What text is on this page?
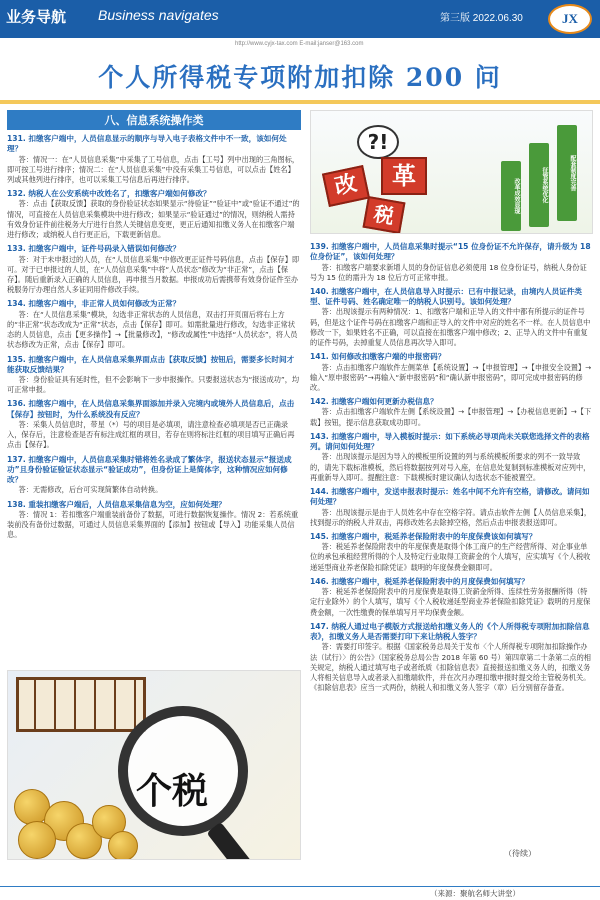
业务导航 Business navigates	第三版 2022.06.30	JX
http://www.cyjx-tax.com E-mail:janser@163.com
个人所得税专项附加扣除 200 问
八、信息系统操作类
131. 扣缴客户端中，人员信息显示的顺序与导入电子表格文件中不一致，该如何处理？
答：情况一：在“人员信息采集”中采集了工号信息，点击【工号】列中出现的三角图标，即可按工号进行排序；情况二：在“人员信息采集”中没有采集工号信息，可以点击【姓名】列或其他列进行排序，也可以采集工号信息后再进行排序。
132. 纳税人在公安系统中改姓名了，扣缴客户端如何修改？
答：点击【获取反馈】获取的身份验证状态如果显示“待验证”“验证中”或“验证不通过”的情况，可直接在人员信息采集模块中进行修改；如果显示“验证通过”的情况，则纳税人需持有效身份证件前往税务大厅进行自然人关键信息变更，更正后通知扣缴义务人在扣缴客户端进行修改；或纳税人自行更正后，下载更新信息。
133. 扣缴客户端中，证件号码录入错误如何修改？
答：对于未申报过的人员，在“人员信息采集”中修改更正证件号码信息，点击【保存】即可。对于已申报过的人员，在“人员信息采集”中将“人员状态”修改为“非正常”，点击【保存】。随后重新录入正确的人员信息，再申报当月数据。申报成功后需携带有效身份证件至办税服务厅办理自然人多证同用件修改手续。
134. 扣缴客户端中，非正常人员如何修改为正常？
答：在“人员信息采集”模块，勾选非正常状态的人员信息，双击打开页面后将右上方的“非正常”状态改成为“正常”状态，点击【保存】即可。如需批量进行修改，勾选非正常状态的人员信息，点击【更多操作】→【批量修改】，“修改或属性”中选择“人员状态”，将人员状态修改为正常，点击【保存】即可。
135. 扣缴客户端中，在人员信息采集界面点击【获取反馈】按钮后，需要多长时间才能获取反馈结果？
答：身份验证具有延时性，但不会影响下一步申报操作。只要报送状态为“报送成功”，均可正常申报。
136. 扣缴客户端中，在人员信息采集界面添加并录入完境内或境外人员信息后，点击【保存】按钮时，为什么系统没有反应？
答：采集人员信息时，带星（*）号的项目是必填项，请注意检查必填项是否已正确录入，保存后，注意检查是否有标注成红框的项目，若存在则将标注红框的项目填写正确后再点击【保存】。
137. 扣缴客户端中，人员信息采集时错将姓名录成了繁体字，报送状态显示“报送成功”且身份验证验证状态显示“验证成功”，但身份证上是简体字，这种情况应如何修改？
答：无需修改，后台可实现简繁体自动转换。
138. 重装扣缴客户端后，人员信息采集信息为空，应如何处理？
答：情况 1：若扣缴客户端重装前备份了数据，可进行数据恢复操作。情况 2：若系统重装前没有备份过数据，可通过人员信息采集界面的【添加】按钮或【导入】功能采集人员信息。
?!
改	革
税
改革成效显现	征管系统优化	配套制度完善
139. 扣缴客户端中，人员信息采集时提示“15 位身份证不允许保存，请升级为 18 位身份证”，该如何处理？
答：扣缴客户端要求新增人员的身份证信息必须使用 18 位身份证号，纳税人身份证号为 15 位的需升为 18 位后方可正常申报。
140. 扣缴客户端中，在人员信息导入时提示：已有中报记录，由境内人员证件类型、证件号码、姓名确定唯一的纳税人识别号。该如何处理？
答：出现该提示有两种情况：1、扣缴客户端和正导入的文件中都有所提示的证件号码，但是这个证件号码在扣缴客户端和正导入的文件中对应的姓名不一样。在人员信息中修改一下，如果姓名不正确，可以直接在扣缴客户端中修改；2、正导入的文件中有重复的证件号码，去掉重复人员信息再次导入即可。
141. 如何修改扣缴客户端的申报密码？
答：点击扣缴客户端软件左侧菜单【系统设置】→【申报管理】→【申报安全设置】→输入“原申报密码”→再输入“新申报密码”和“确认新申报密码”，即可完成申报密码的修改。
142. 扣缴客户端如何更新办税信息？
答：点击扣缴客户端软件左侧【系统设置】→【申报管理】→【办税信息更新】→【下载】按钮，提示信息获取成功即可。
143. 扣缴客户端中，导入模板时提示：如下系统必导项尚未关联您选择文件的表格列。请问如何处理？
答：出现该提示是因为导入的模板里所设置的列与系统模板所要求的列不一致导致的，请先下载标准模板，然后将数据按列对号入座，在信息处复制到标准模板对应列中，再重新导入即可。提醒注意：下载模板时建议确认勾选状态不能被置空。
144. 扣缴客户端中，发送申报表时提示：姓名中间不允许有空格，请修改。请问如何处理？
答：出现该提示是由于人员姓名中存在空格字符。请点击软件左侧【人员信息采集】，找到提示的纳税人并双击，再修改姓名去除掉空格，然后点击申报表报送即可。
145. 扣缴客户端中，税延养老保险附表中的年度保费该如何填写？
答：税延养老保险附表中的年度保费是取得个体工商户的生产经营所得、对企事业单位的承包承租经营所得的个人及特定行业取得工资薪金的个人填写，应实填写《个人税收递延型商业养老保险扣除凭证》载明的年度保费金额即可。
146. 扣缴客户端中，税延养老保险附表中的月度保费如何填写？
答：税延养老保险附表中的月度保费是取得工资薪金所得、连续性劳务报酬所得（特定行业除外）的个人填写，填写《个人税收递延型商业养老保险扣除凭证》载明的月度保费金额，一次性缴费的保单填写月平均保费金额。
147. 纳税人通过电子模版方式报送给扣缴义务人的《个人所得税专项附加扣除信息表》，扣缴义务人是否需要打印下来让纳税人签字？
答：需要打印签字。根据《国家税务总局关于发布〈个人所得税专项附加扣除操作办法（试行）〉的公告》（国家税务总局公告 2018 年第 60 号）第四章第二十条第二点的相关规定，纳税人通过填写电子或者纸质《扣除信息表》直接报送扣缴义务人的，扣缴义务人将相关信息导入或者录入扣缴端软件，并在次月办理扣缴申报时提交给主管税务机关。《扣除信息表》应当一式两份，纳税人和扣缴义务人签字（章）后分别留存备查。
个税
（待续）
（来源：聚航名师大讲堂）
